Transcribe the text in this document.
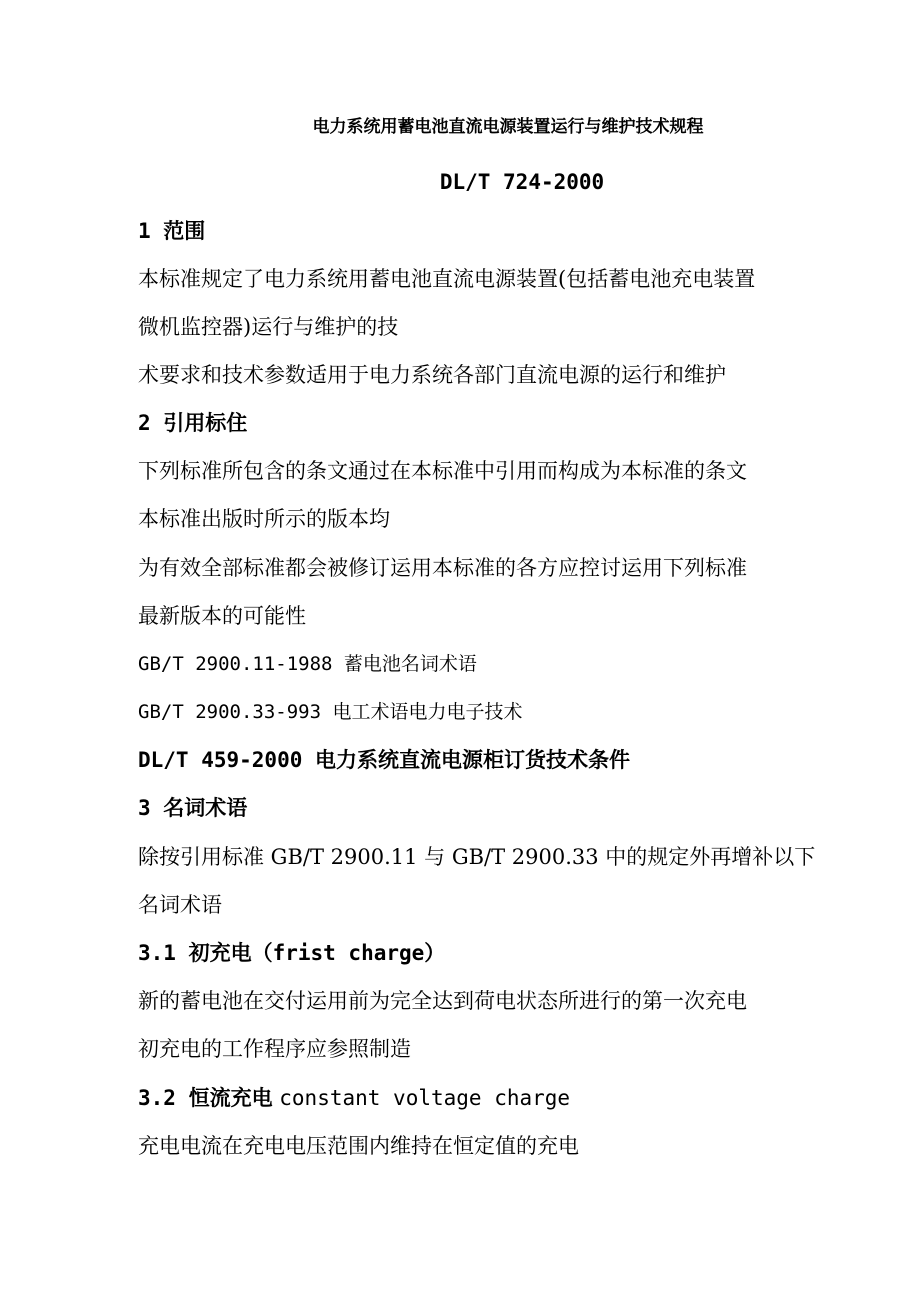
电力系统用蓄电池直流电源装置运行与维护技术规程
DL/T 724-2000
1 范围
本标准规定了电力系统用蓄电池直流电源装置(包括蓄电池充电装置
微机监控器)运行与维护的技
术要求和技术参数适用于电力系统各部门直流电源的运行和维护
2 引用标住
下列标准所包含的条文通过在本标准中引用而构成为本标准的条文
本标准出版时所示的版本均
为有效全部标准都会被修订运用本标准的各方应控讨运用下列标准
最新版本的可能性
GB/T 2900.11-1988 蓄电池名词术语
GB/T 2900.33-993 电工术语电力电子技术
DL/T 459-2000 电力系统直流电源柜订货技术条件
3 名词术语
除按引用标准 GB/T 2900.11 与 GB/T 2900.33 中的规定外再增补以下
名词术语
3.1 初充电（frist charge）
新的蓄电池在交付运用前为完全达到荷电状态所进行的第一次充电
初充电的工作程序应参照制造
3.2 恒流充电 constant voltage charge
充电电流在充电电压范围内维持在恒定值的充电
